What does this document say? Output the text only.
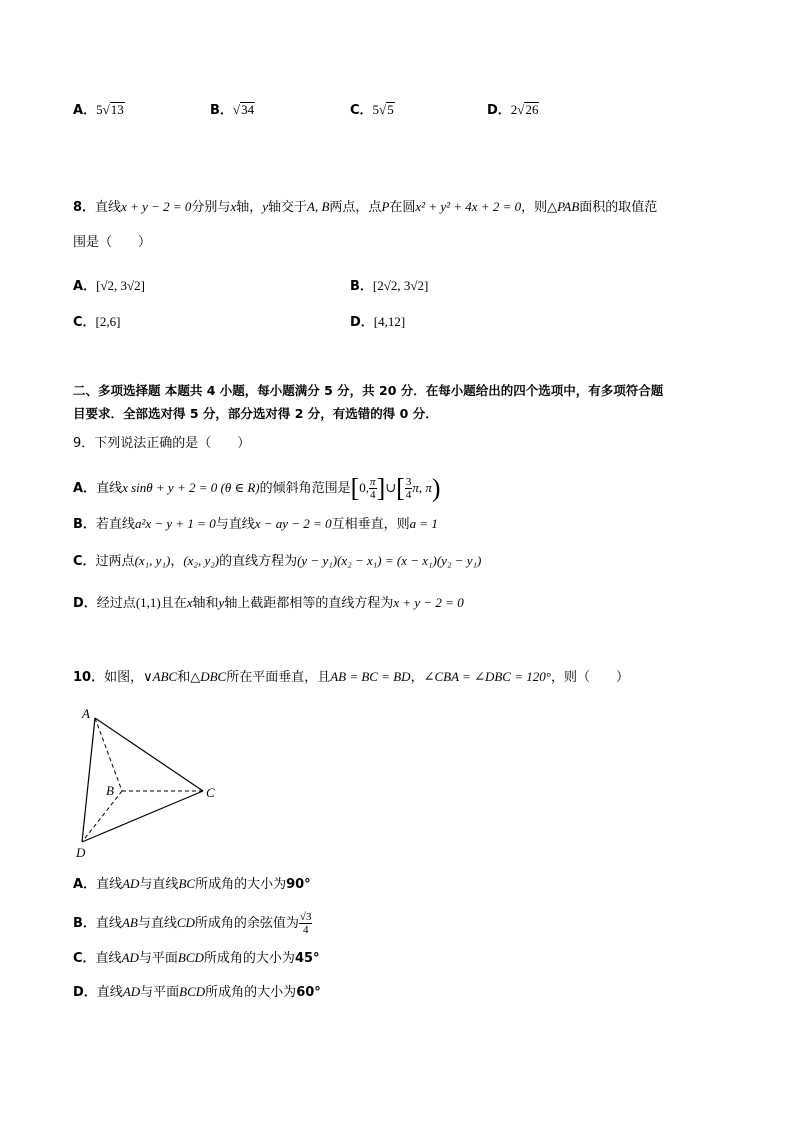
A．5√13	B．√34	C．5√5	D．2√26
8．直线x + y − 2 = 0分别与x轴，y轴交于A, B两点，点P在圆x² + y² + 4x + 2 = 0，则△PAB面积的取值范
围是（　　）
A．[√2, 3√2]	B．[2√2, 3√2]
C．[2,6]	D．[4,12]
二、多项选择题 本题共 4 小题，每小题满分 5 分，共 20 分．在每小题给出的四个选项中，有多项符合题
目要求．全部选对得 5 分，部分选对得 2 分，有选错的得 0 分．
9．下列说法正确的是（　　）
A．直线x sinθ + y + 2 = 0 (θ ∈ R)的倾斜角范围是[0, $\frac{\pi}{4}$ ]∪[ $\frac{3}{4} \pi$, π)
B．若直线a²x − y + 1 = 0与直线x − ay − 2 = 0互相垂直，则a = 1
C．过两点(x₁, y₁)，(x₂, y₂)的直线方程为(y − y₁)(x₂ − x₁) = (x − x₁)(y₂ − y₁)
D．经过点(1,1)且在x轴和y轴上截距都相等的直线方程为x + y − 2 = 0
10．如图，∨ABC和△DBC所在平面垂直，且AB = BC = BD，∠CBA = ∠DBC = 120°，则（　　）
A
B	C
D
A．直线AD与直线BC所成角的大小为90°
B．直线AB与直线CD所成角的余弦值为 $\frac{√3}{4}$
C．直线AD与平面BCD所成角的大小为45°
D．直线AD与平面BCD所成角的大小为60°
